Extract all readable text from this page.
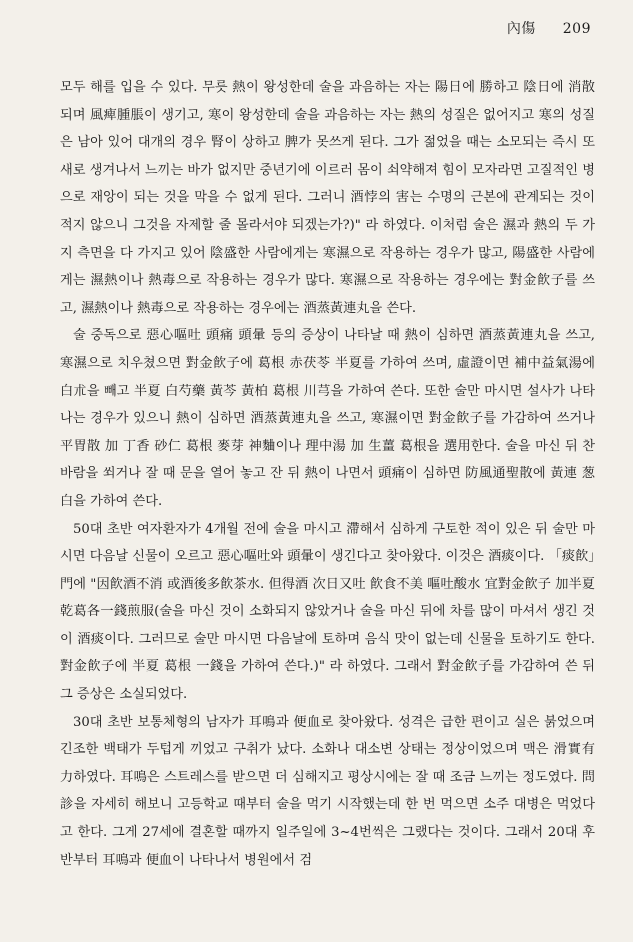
內傷 209

모두 해를 입을 수 있다. 무릇 熱이 왕성한데 술을 과음하는 자는 陽日에 勝하고 陰日에 消散되며 風痺腫脹이 생기고, 寒이 왕성한데 술을 과음하는 자는 熱의 성질은 없어지고 寒의 성질은 남아 있어 대개의 경우 腎이 상하고 脾가 못쓰게 된다. 그가 젊었을 때는 소모되는 즉시 또 새로 생겨나서 느끼는 바가 없지만 중년기에 이르러 몸이 쇠약해져 힘이 모자라면 고질적인 병으로 재앙이 되는 것을 막을 수 없게 된다. 그러니 酒悖의 害는 수명의 근본에 관계되는 것이 적지 않으니 그것을 자제할 줄 몰라서야 되겠는가?)" 라 하였다. 이처럼 술은 濕과 熱의 두 가지 측면을 다 가지고 있어 陰盛한 사람에게는 寒濕으로 작용하는 경우가 많고, 陽盛한 사람에게는 濕熱이나 熱毒으로 작용하는 경우가 많다. 寒濕으로 작용하는 경우에는 對金飮子를 쓰고, 濕熱이나 熱毒으로 작용하는 경우에는 酒蒸黃連丸을 쓴다.

술 중독으로 惡心嘔吐 頭痛 頭暈 등의 증상이 나타날 때 熱이 심하면 酒蒸黃連丸을 쓰고, 寒濕으로 치우쳤으면 對金飮子에 葛根 赤茯苓 半夏를 가하여 쓰며, 虛證이면 補中益氣湯에 白朮을 빼고 半夏 白芍藥 黃芩 黃柏 葛根 川芎을 가하여 쓴다. 또한 술만 마시면 설사가 나타나는 경우가 있으니 熱이 심하면 酒蒸黃連丸을 쓰고, 寒濕이면 對金飮子를 가감하여 쓰거나 平胃散 加 丁香 砂仁 葛根 麥芽 神麯이나 理中湯 加 生薑 葛根을 選用한다. 술을 마신 뒤 찬바람을 쐬거나 잘 때 문을 열어 놓고 잔 뒤 熱이 나면서 頭痛이 심하면 防風通聖散에 黃連 葱白을 가하여 쓴다.

50대 초반 여자환자가 4개월 전에 술을 마시고 滯해서 심하게 구토한 적이 있은 뒤 술만 마시면 다음날 신물이 오르고 惡心嘔吐와 頭暈이 생긴다고 찾아왔다. 이것은 酒痰이다. 「痰飮」門에 "因飮酒不消 或酒後多飮茶水. 但得酒 次日又吐 飮食不美 嘔吐酸水 宜對金飮子 加半夏 乾葛各一錢煎服(술을 마신 것이 소화되지 않았거나 술을 마신 뒤에 차를 많이 마셔서 생긴 것이 酒痰이다. 그러므로 술만 마시면 다음날에 토하며 음식 맛이 없는데 신물을 토하기도 한다. 對金飮子에 半夏 葛根 一錢을 가하여 쓴다.)" 라 하였다. 그래서 對金飮子를 가감하여 쓴 뒤 그 증상은 소실되었다.

30대 초반 보통체형의 남자가 耳鳴과 便血로 찾아왔다. 성격은 급한 편이고 실은 붉었으며 긴조한 백태가 두텁게 끼었고 구취가 났다. 소화나 대소변 상태는 정상이었으며 맥은 滑實有力하였다. 耳鳴은 스트레스를 받으면 더 심해지고 평상시에는 잘 때 조금 느끼는 정도였다. 問診을 자세히 해보니 고등학교 때부터 술을 먹기 시작했는데 한 번 먹으면 소주 대병은 먹었다고 한다. 그게 27세에 결혼할 때까지 일주일에 3~4번씩은 그랬다는 것이다. 그래서 20대 후반부터 耳鳴과 便血이 나타나서 병원에서 검
